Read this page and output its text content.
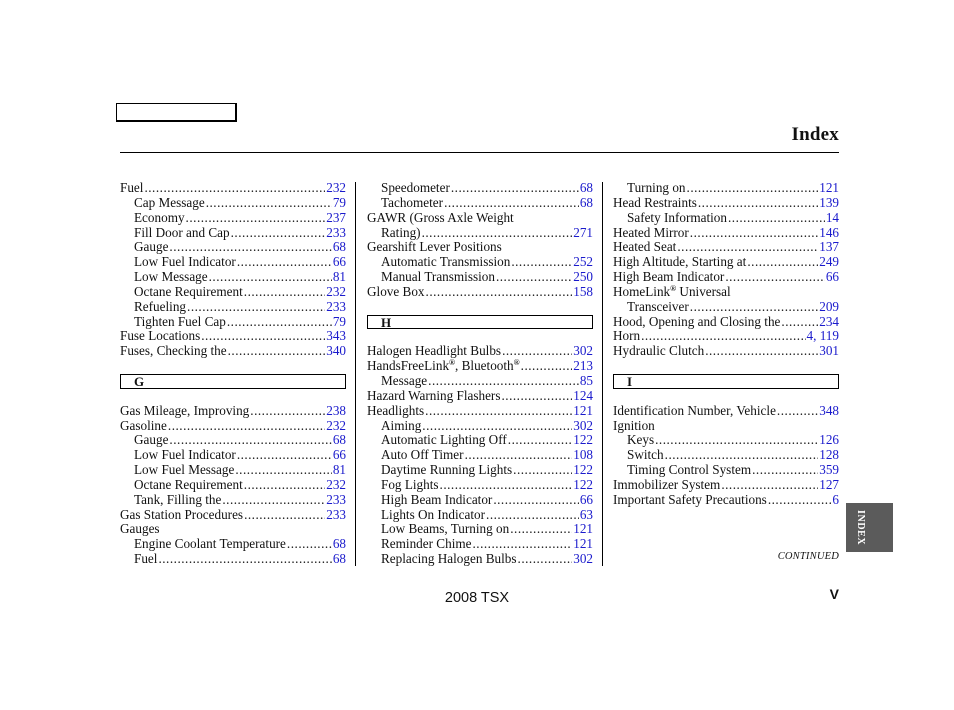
Index
Fuel .....	232
Cap Message .....	79
Economy .....	237
Fill Door and Cap .....	233
Gauge .....	68
Low Fuel Indicator .....	66
Low Message .....	81
Octane Requirement .....	232
Refueling .....	233
Tighten Fuel Cap .....	79
Fuse Locations .....	343
Fuses, Checking the .....	340
G
Gas Mileage, Improving .....	238
Gasoline .....	232
Gauge .....	68
Low Fuel Indicator .....	66
Low Fuel Message .....	81
Octane Requirement .....	232
Tank, Filling the .....	233
Gas Station Procedures .....	233
Gauges
Engine Coolant Temperature .....	68
Fuel .....	68
Speedometer .....	68
Tachometer .....	68
GAWR (Gross Axle Weight
Rating) .....	271
Gearshift Lever Positions
Automatic Transmission .....	252
Manual Transmission .....	250
Glove Box .....	158
H
Halogen Headlight Bulbs .....	302
HandsFreeLink®, Bluetooth® .....	213
Message .....	85
Hazard Warning Flashers .....	124
Headlights .....	121
Aiming .....	302
Automatic Lighting Off .....	122
Auto Off Timer .....	108
Daytime Running Lights .....	122
Fog Lights .....	122
High Beam Indicator .....	66
Lights On Indicator .....	63
Low Beams, Turning on .....	121
Reminder Chime .....	121
Replacing Halogen Bulbs .....	302
Turning on .....	121
Head Restraints .....	139
Safety Information .....	14
Heated Mirror .....	146
Heated Seat .....	137
High Altitude, Starting at .....	249
High Beam Indicator .....	66
HomeLink® Universal
Transceiver .....	209
Hood, Opening and Closing the .....	234
Horn .....	4, 119
Hydraulic Clutch .....	301
I
Identification Number, Vehicle .....	348
Ignition
Keys .....	126
Switch .....	128
Timing Control System .....	359
Immobilizer System .....	127
Important Safety Precautions .....	6
CONTINUED
2008 TSX	V
INDEX
